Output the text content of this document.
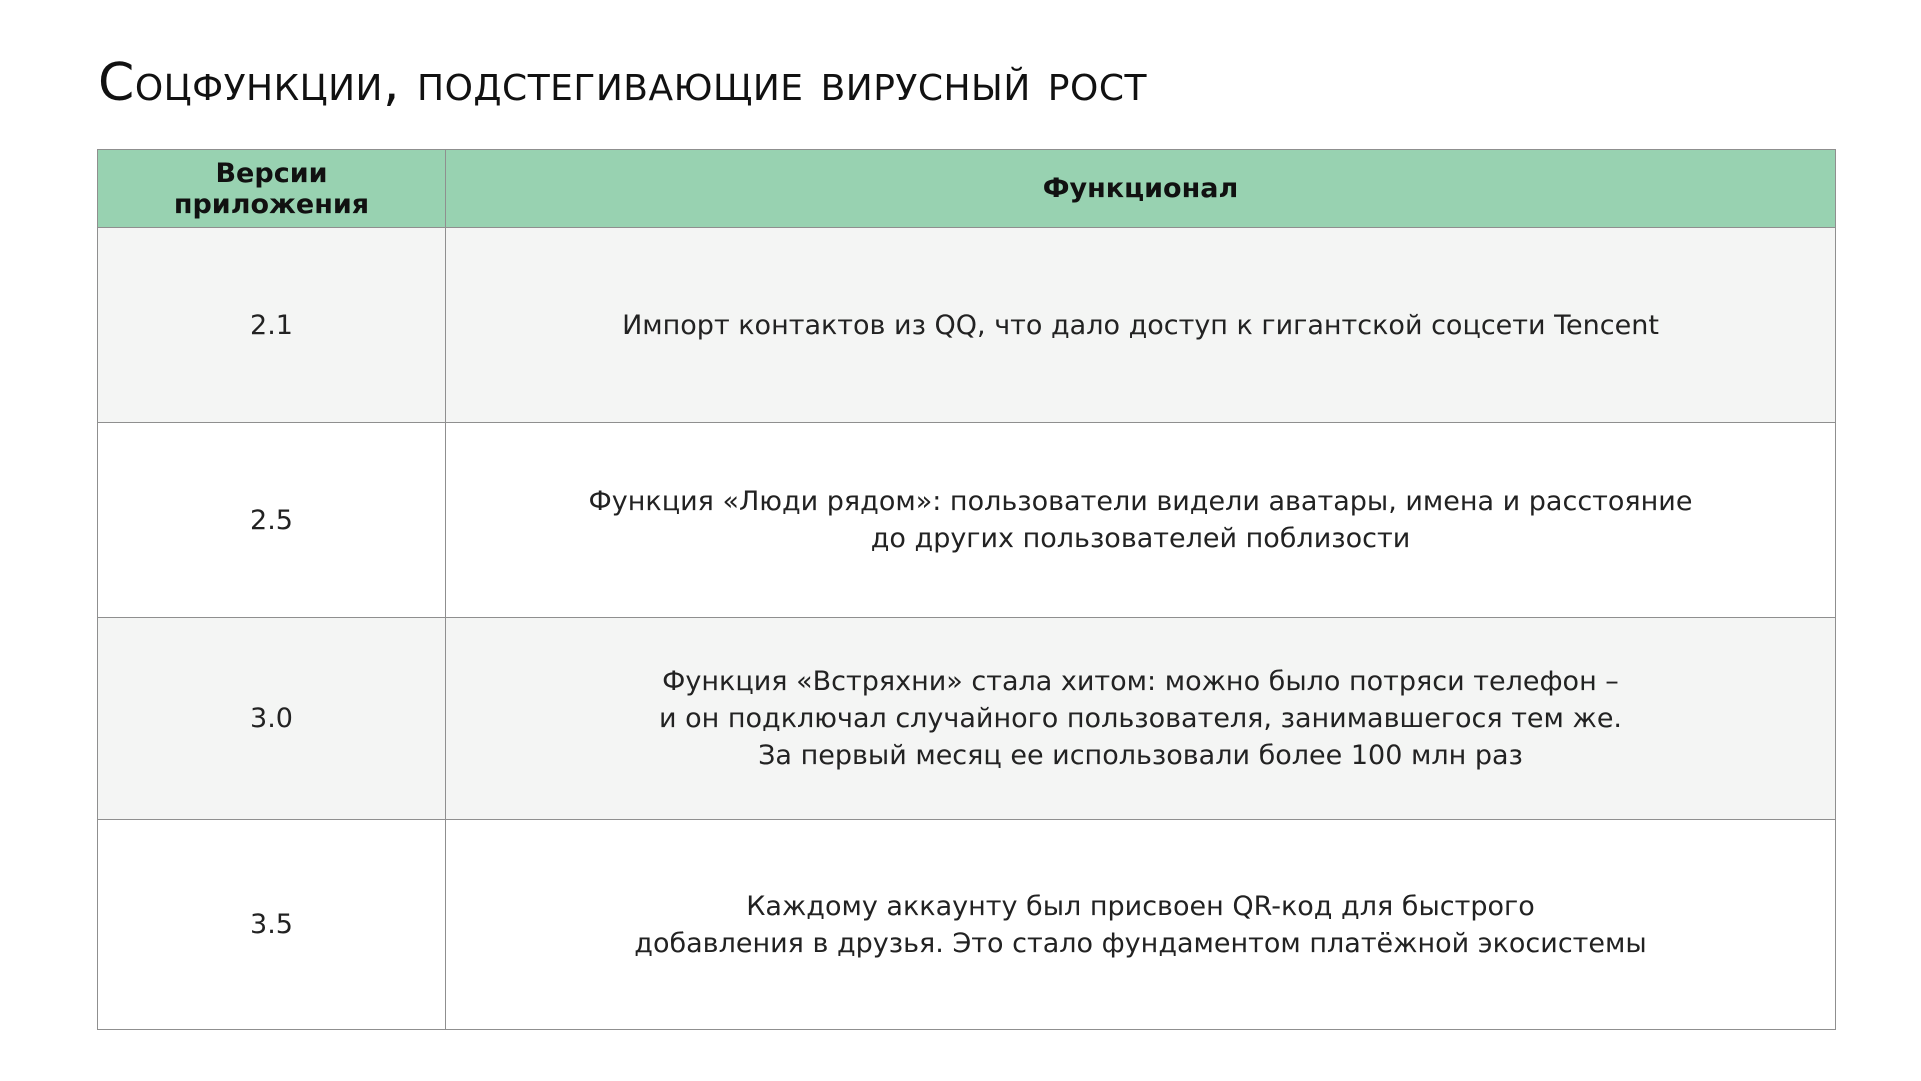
Соцфункции, подстегивающие вирусный рост
Версии приложения	Функционал
2.1	Импорт контактов из QQ, что дало доступ к гигантской соцсети Tencent

2.5	Функция «Люди рядом»: пользователи видели аватары, имена и расстояние
до других пользователей поблизости

3.0	Функция «Встряхни» стала хитом: можно было потряси телефон –
и он подключал случайного пользователя, занимавшегося тем же.
За первый месяц ее использовали более 100 млн раз

3.5	Каждому аккаунту был присвоен QR-код для быстрого
добавления в друзья. Это стало фундаментом платёжной экосистемы
